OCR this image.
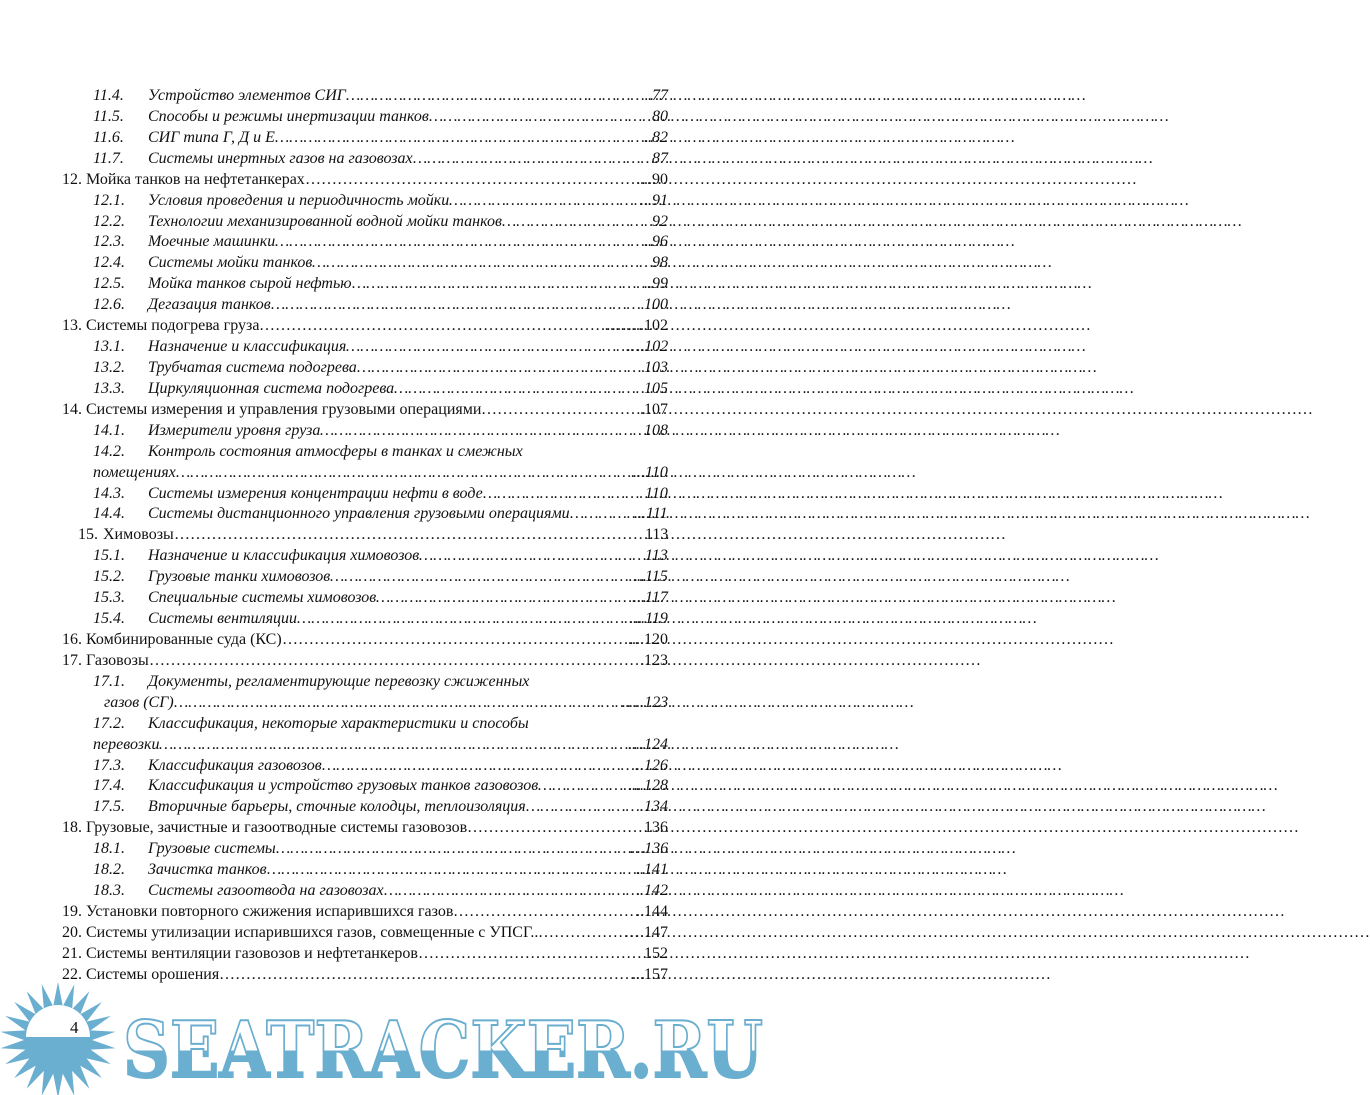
11.4. Устройство элементов СИГ …………………………………………………………………………………………………………………………………………	.77
11.5. Способы и режимы инертизации танков …………………………………………………………………………………………………………………………………………	80
11.6. СИГ типа Г, Д и Е …………………………………………………………………………………………………………………………………………	..82
11.7. Системы инертных газов на газовозах …………………………………………………………………………………………………………………………………………	87
12. Мойка танков на нефтетанкерах …………………………………………………………………………………………………………………………………………	....90
12.1. Условия проведения и периодичность мойки …………………………………………………………………………………………………………………………………………	...91
12.2. Технологии механизированной водной мойки танков …………………………………………………………………………………………………………………………………………	92
12.3. Моечные машинки …………………………………………………………………………………………………………………………………………	..96
12.4. Системы мойки танков …………………………………………………………………………………………………………………………………………	98
12.5. Мойка танков сырой нефтью …………………………………………………………………………………………………………………………………………	..99
12.6. Дегазация танков …………………………………………………………………………………………………………………………………………	100
13. Системы подогрева груза …………………………………………………………………………………………………………………………………………	……..102
13.1. Назначение и классификация …………………………………………………………………………………………………………………………………………	….102
13.2. Трубчатая система подогрева …………………………………………………………………………………………………………………………………………	103
13.3. Циркуляционная система подогрева …………………………………………………………………………………………………………………………………………	105
14. Системы измерения и управления грузовыми операциями …………………………………………………………………………………………………………………………………………	.107
14.1. Измерители уровня груза …………………………………………………………………………………………………………………………………………	108
14.2. Контроль состояния атмосферы в танках и смежных
помещениях …………………………………………………………………………………………………………………………………………	...110
14.3. Системы измерения концентрации нефти в воде …………………………………………………………………………………………………………………………………………	110
14.4. Системы дистанционного управления грузовыми операциями …………………………………………………………………………………………………………………………………………	...111
15. Химовозы …………………………………………………………………………………………………………………………………………	113
15.1. Назначение и классификация химовозов …………………………………………………………………………………………………………………………………………	113
15.2. Грузовые танки химовозов …………………………………………………………………………………………………………………………………………	...115
15.3. Специальные системы химовозов …………………………………………………………………………………………………………………………………………	...117
15.4. Системы вентиляции …………………………………………………………………………………………………………………………………………	....119
16. Комбинированные суда (КС) …………………………………………………………………………………………………………………………………………	....120
17. Газовозы …………………………………………………………………………………………………………………………………………	.123
17.1. Документы, регламентирующие перевозку сжиженных
газов (СГ) …………………………………………………………………………………………………………………………………………	…..123
17.2. Классификация, некоторые характеристики и способы
перевозки …………………………………………………………………………………………………………………………………………	....124
17.3. Классификация газовозов …………………………………………………………………………………………………………………………………………	..126
17.4. Классификация и устройство грузовых танков газовозов …………………………………………………………………………………………………………………………………………	....128
17.5. Вторичные барьеры, сточные колодцы, теплоизоляция …………………………………………………………………………………………………………………………………………	.134
18. Грузовые, зачистные и газоотводные системы газовозов …………………………………………………………………………………………………………………………………………	136
18.1. Грузовые системы …………………………………………………………………………………………………………………………………………	…136
18.2. Зачистка танков …………………………………………………………………………………………………………………………………………	..141
18.3. Системы газоотвода на газовозах …………………………………………………………………………………………………………………………………………	..142
19. Установки повторного сжижения испарившихся газов …………………………………………………………………………………………………………………………………………	..144
20. Системы утилизации испарившихся газов, совмещенные с УПСГ.. …………………………………………………………………………………………………………………………………………	….147
21. Системы вентиляции газовозов и нефтетанкеров …………………………………………………………………………………………………………………………………………	152
22. Системы орошения …………………………………………………………………………………………………………………………………………	...157
SEATRACKER.RU
4
